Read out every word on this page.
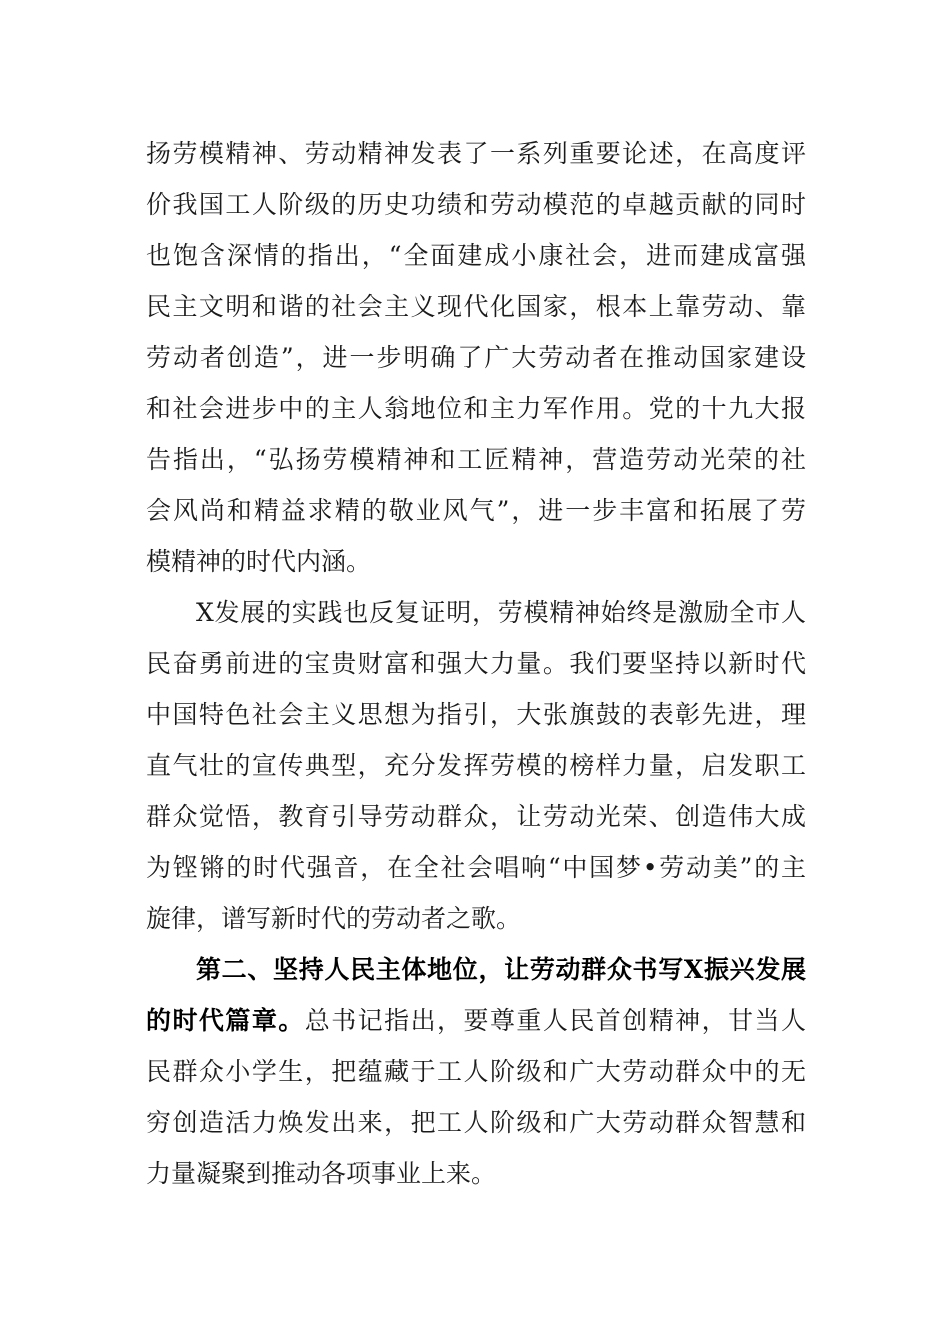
扬劳模精神、劳动精神发表了一系列重要论述，在高度评
价我国工人阶级的历史功绩和劳动模范的卓越贡献的同时
也饱含深情的指出，“全面建成小康社会，进而建成富强
民主文明和谐的社会主义现代化国家，根本上靠劳动、靠
劳动者创造”，进一步明确了广大劳动者在推动国家建设
和社会进步中的主人翁地位和主力军作用。党的十九大报
告指出，“弘扬劳模精神和工匠精神，营造劳动光荣的社
会风尚和精益求精的敬业风气”，进一步丰富和拓展了劳
模精神的时代内涵。
X发展的实践也反复证明，劳模精神始终是激励全市人
民奋勇前进的宝贵财富和强大力量。我们要坚持以新时代
中国特色社会主义思想为指引，大张旗鼓的表彰先进，理
直气壮的宣传典型，充分发挥劳模的榜样力量，启发职工
群众觉悟，教育引导劳动群众，让劳动光荣、创造伟大成
为铿锵的时代强音，在全社会唱响“中国梦•劳动美”的主
旋律，谱写新时代的劳动者之歌。
第二、坚持人民主体地位，让劳动群众书写X振兴发展
的时代篇章。总书记指出，要尊重人民首创精神，甘当人
民群众小学生，把蕴藏于工人阶级和广大劳动群众中的无
穷创造活力焕发出来，把工人阶级和广大劳动群众智慧和
力量凝聚到推动各项事业上来。
